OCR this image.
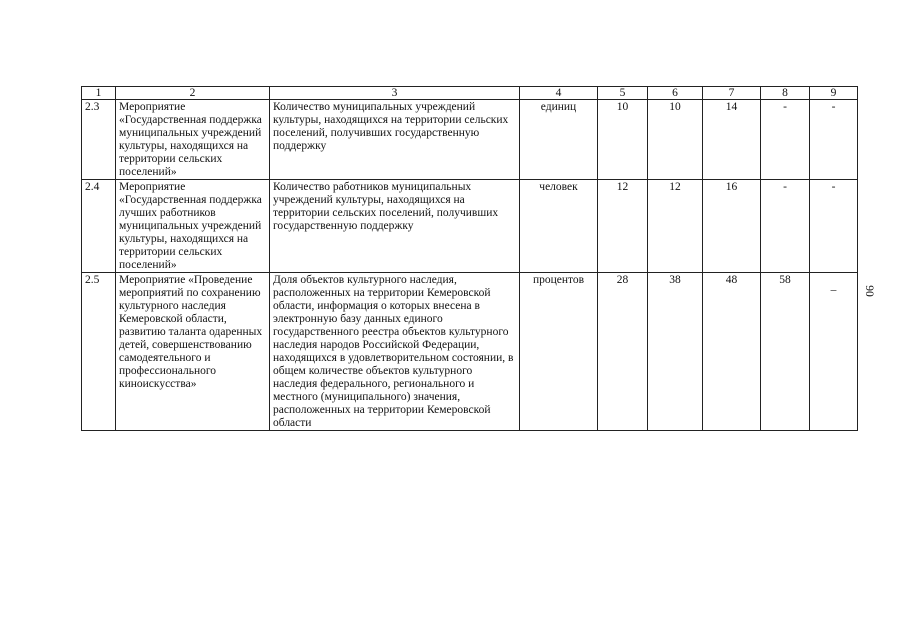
1	2	3	4	5	6	7	8	9
2.3	Мероприятие «Государственная поддержка муниципальных учреждений культуры, находящихся на территории сельских поселений»	Количество муниципальных учреждений культуры, находящихся на территории сельских поселений, получивших государственную поддержку	единиц	10	10	14	-	-
2.4	Мероприятие «Государственная поддержка лучших работников муниципальных учреждений культуры, находящихся на территории сельских поселений»	Количество работников муниципальных учреждений культуры, находящихся на территории сельских поселений, получивших государственную поддержку	человек	12	12	16	-	-
2.5	Мероприятие «Проведение мероприятий по сохранению культурного наследия Кемеровской области, развитию таланта одаренных детей, совершенствованию самодеятельного и профессионального киноискусства»	Доля объектов культурного наследия, расположенных на территории Кемеровской области, информация о которых внесена в электронную базу данных единого государственного реестра объектов культурного наследия народов Российской Федерации, находящихся в удовлетворительном состоянии, в общем количестве объектов культурного наследия федерального, регионального и местного (муниципального) значения, расположенных на территории Кемеровской области	процентов	28	38	48	58	_ 90
